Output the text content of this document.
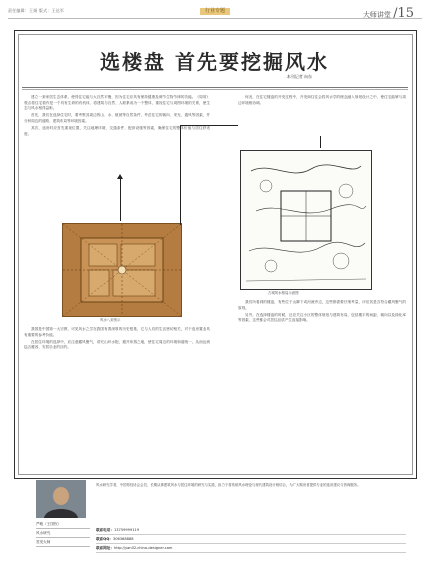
责任编辑：王娟 版式：王达军	行业专题	大师讲堂 /15
选楼盘 首先要挖掘风水
本刊记者 向东

建立一套家居生态体系，使得住宅能与大自然平衡，因为住宅应具有保持健康及调节生物节律的功能。《周易》观点将住宅看作是一个具有生命的有机体，将建筑与自然、人联系成为一个整体，重视住宅与周围环境的关系，使生态与风水相得益彰。

首先，我们在选择住宅时，要考察其周边的山、水、植被等自然条件，考虑住宅的朝向、采光、通风等因素，并分析周边的道路、建筑布局等环境因素。

其次，选房时应首先重视位置，关注地理环境、交通条件、配套设施等因素，确保住宅的整体价值与居住舒适度。

风水八卦图示

何况，在住宅楼盘的开发过程中，开发商往往会将风水学的理念融入规划设计之中，使住宅能够与周边环境相协调。

古城风水格局示意图

我国是中国第一大宗教，可见风水之学在我国有着深厚的历史根基，它与人们的生活密切相关，对于选房置业具有重要的参考价值。

在居住环境的选择中，应注意藏风聚气，讲究山环水抱，避开冲煞之地，使住宅周边的环境和谐统一，从而达到趋吉避凶、安居乐业的目的。

我们所看到的楼盘，有些位于山脚下或河流旁边，这些都需要仔细考量，评估其是否符合藏风聚气的原则。

另外，在选择楼盘的时候，还应关注小区的整体规划与建筑布局，包括楼宇的间距、朝向以及绿化率等因素，这些都会对居住品质产生直接影响。

严峻（王国钦）
风水研究
签发大师
风水研究学者，中国易经协会会员，长期从事建筑风水与居住环境的研究与实践，致力于将传统风水理论与现代建筑设计相结合，为广大购房者提供专业的选房建议与咨询服务。
联系电话：13759999119
联系QQ：306368888
联系网址：http://yan02.china-designer.com
